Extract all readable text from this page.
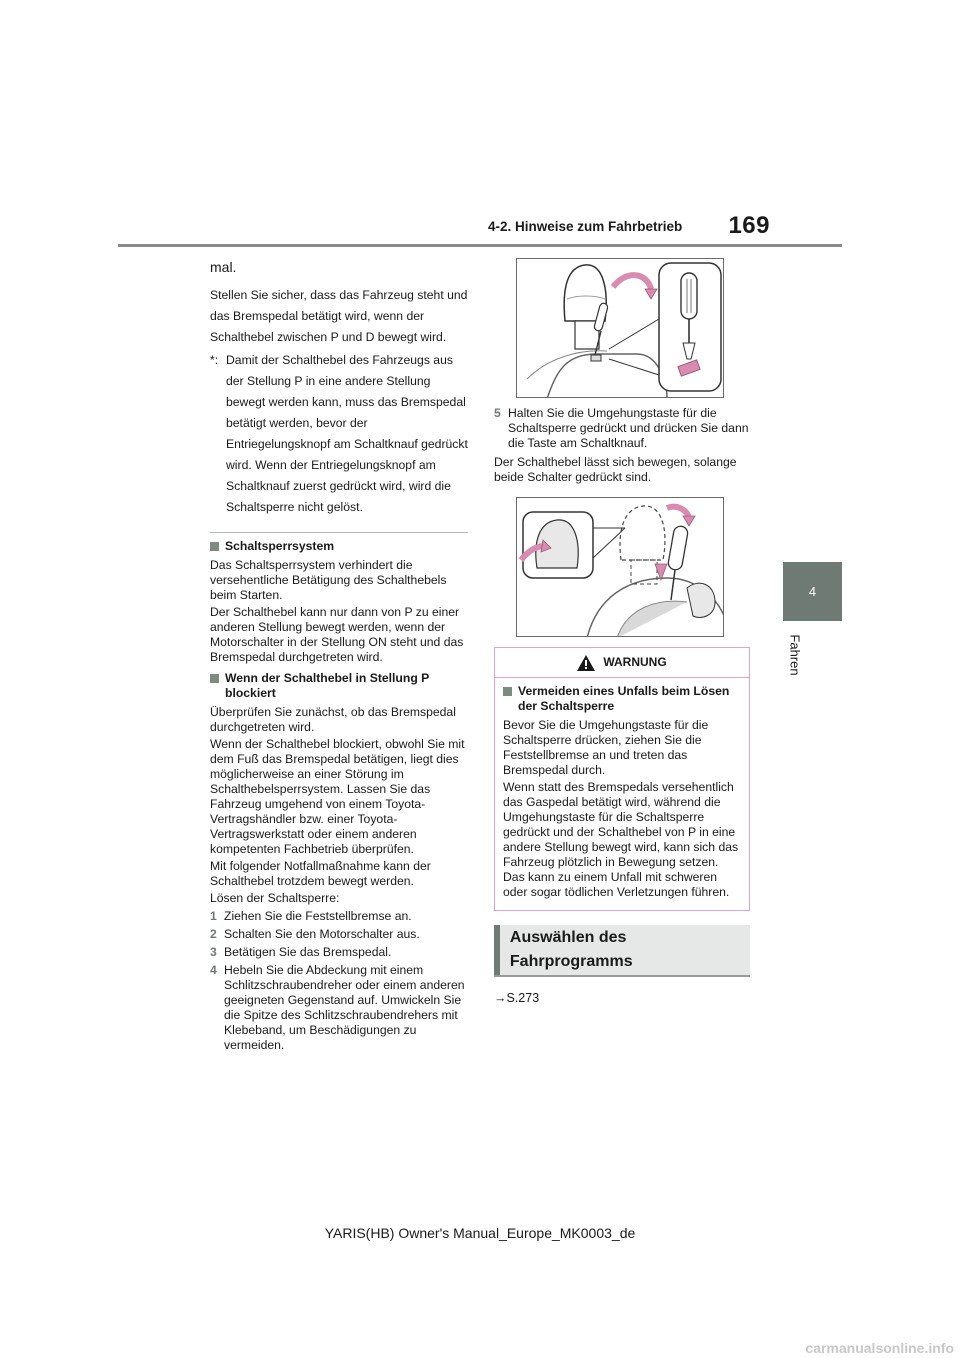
4-2. Hinweise zum Fahrbetrieb 169
4
Fahren
mal.
Stellen Sie sicher, dass das Fahrzeug steht und das Bremspedal betätigt wird, wenn der Schalthebel zwischen P und D bewegt wird.
*: Damit der Schalthebel des Fahrzeugs aus der Stellung P in eine andere Stellung bewegt werden kann, muss das Bremspedal betätigt werden, bevor der Entriegelungsknopf am Schaltknauf gedrückt wird. Wenn der Entriegelungsknopf am Schaltknauf zuerst gedrückt wird, wird die Schaltsperre nicht gelöst.
Schaltsperrsystem
Das Schaltsperrsystem verhindert die versehentliche Betätigung des Schalthebels beim Starten.
Der Schalthebel kann nur dann von P zu einer anderen Stellung bewegt werden, wenn der Motorschalter in der Stellung ON steht und das Bremspedal durchgetreten wird.
Wenn der Schalthebel in Stellung P blockiert
Überprüfen Sie zunächst, ob das Bremspedal durchgetreten wird.
Wenn der Schalthebel blockiert, obwohl Sie mit dem Fuß das Bremspedal betätigen, liegt dies möglicherweise an einer Störung im Schalthebelsperrsystem. Lassen Sie das Fahrzeug umgehend von einem Toyota-Vertragshändler bzw. einer Toyota-Vertragswerkstatt oder einem anderen kompetenten Fachbetrieb überprüfen.
Mit folgender Notfallmaßnahme kann der Schalthebel trotzdem bewegt werden.
Lösen der Schaltsperre:
1 Ziehen Sie die Feststellbremse an.
2 Schalten Sie den Motorschalter aus.
3 Betätigen Sie das Bremspedal.
4 Hebeln Sie die Abdeckung mit einem Schlitzschraubendreher oder einem anderen geeigneten Gegenstand auf. Umwickeln Sie die Spitze des Schlitzschraubendrehers mit Klebeband, um Beschädigungen zu vermeiden.
5 Halten Sie die Umgehungstaste für die Schaltsperre gedrückt und drücken Sie dann die Taste am Schaltknauf.
Der Schalthebel lässt sich bewegen, solange beide Schalter gedrückt sind.
WARNUNG
Vermeiden eines Unfalls beim Lösen der Schaltsperre
Bevor Sie die Umgehungstaste für die Schaltsperre drücken, ziehen Sie die Feststellbremse an und treten das Bremspedal durch.
Wenn statt des Bremspedals versehentlich das Gaspedal betätigt wird, während die Umgehungstaste für die Schaltsperre gedrückt und der Schalthebel von P in eine andere Stellung bewegt wird, kann sich das Fahrzeug plötzlich in Bewegung setzen. Das kann zu einem Unfall mit schweren oder sogar tödlichen Verletzungen führen.
Auswählen des Fahrprogramms
→S.273
YARIS(HB) Owner's Manual_Europe_MK0003_de
carmanualsonline.info
